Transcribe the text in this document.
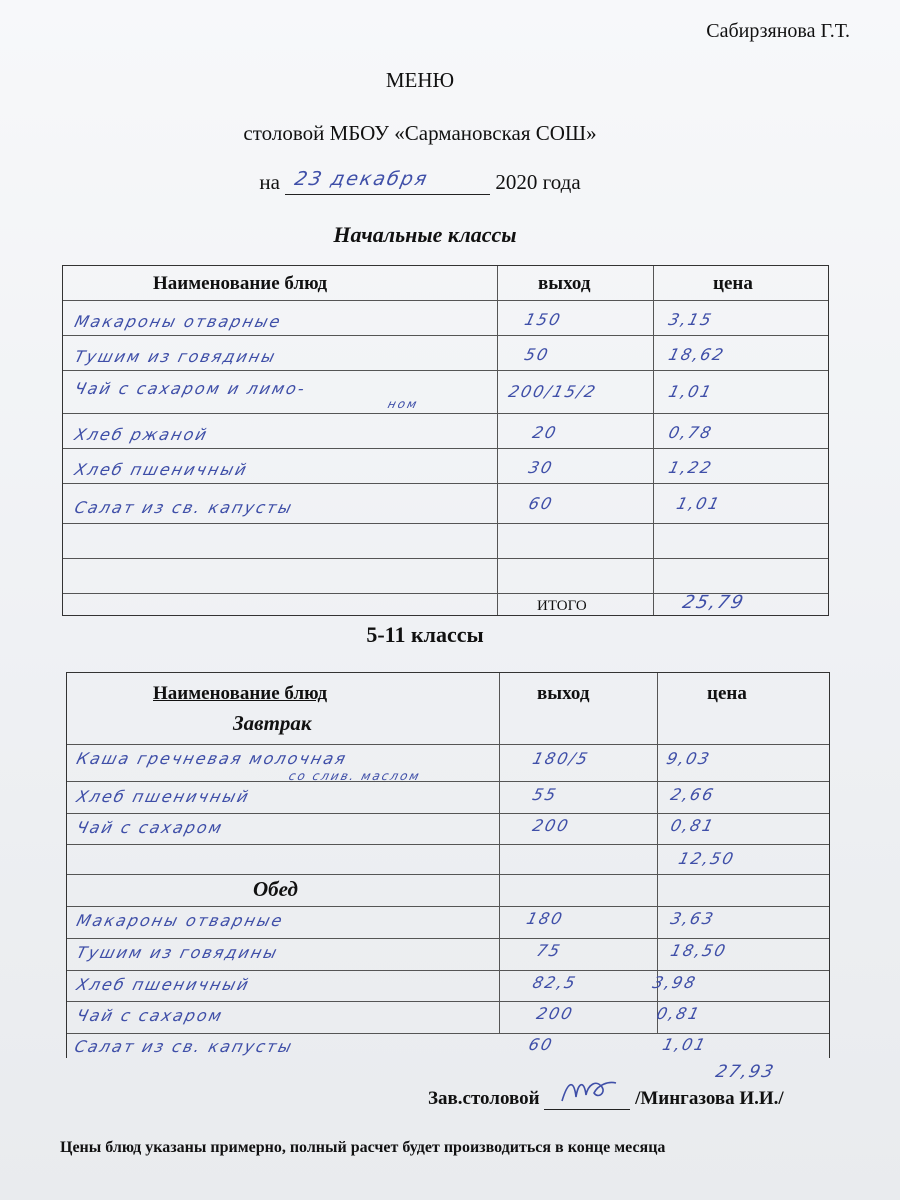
Сабирзянова Г.Т.
МЕНЮ
столовой МБОУ «Сармановская СОШ»
на 23 декабря	2020 года
Начальные классы
Наименование блюд	выход	цена
Макароны отварные	150	3,15
Тушим из говядины	50	18,62
Чай с сахаром и лимо-
ном
200/15/2	1,01
Хлеб ржаной	20	0,78
Хлеб пшеничный	30	1,22
Салат из св. капусты	60	1,01
ИТОГО	25,79
5-11 классы
Наименование блюд	выход	цена
Завтрак
Каша гречневая молочная
со слив. маслом
180/5	9,03
Хлеб пшеничный	55	2,66
Чай с сахаром	200	0,81
12,50
Обед
Макароны отварные	180	3,63
Тушим из говядины	75	18,50
Хлеб пшеничный	82,5	3,98
Чай с сахаром	200	0,81
Салат из св. капусты	60	1,01
27,93
Зав.столовой	/Мингазова И.И./
Цены блюд указаны примерно, полный расчет будет производиться в конце месяца
